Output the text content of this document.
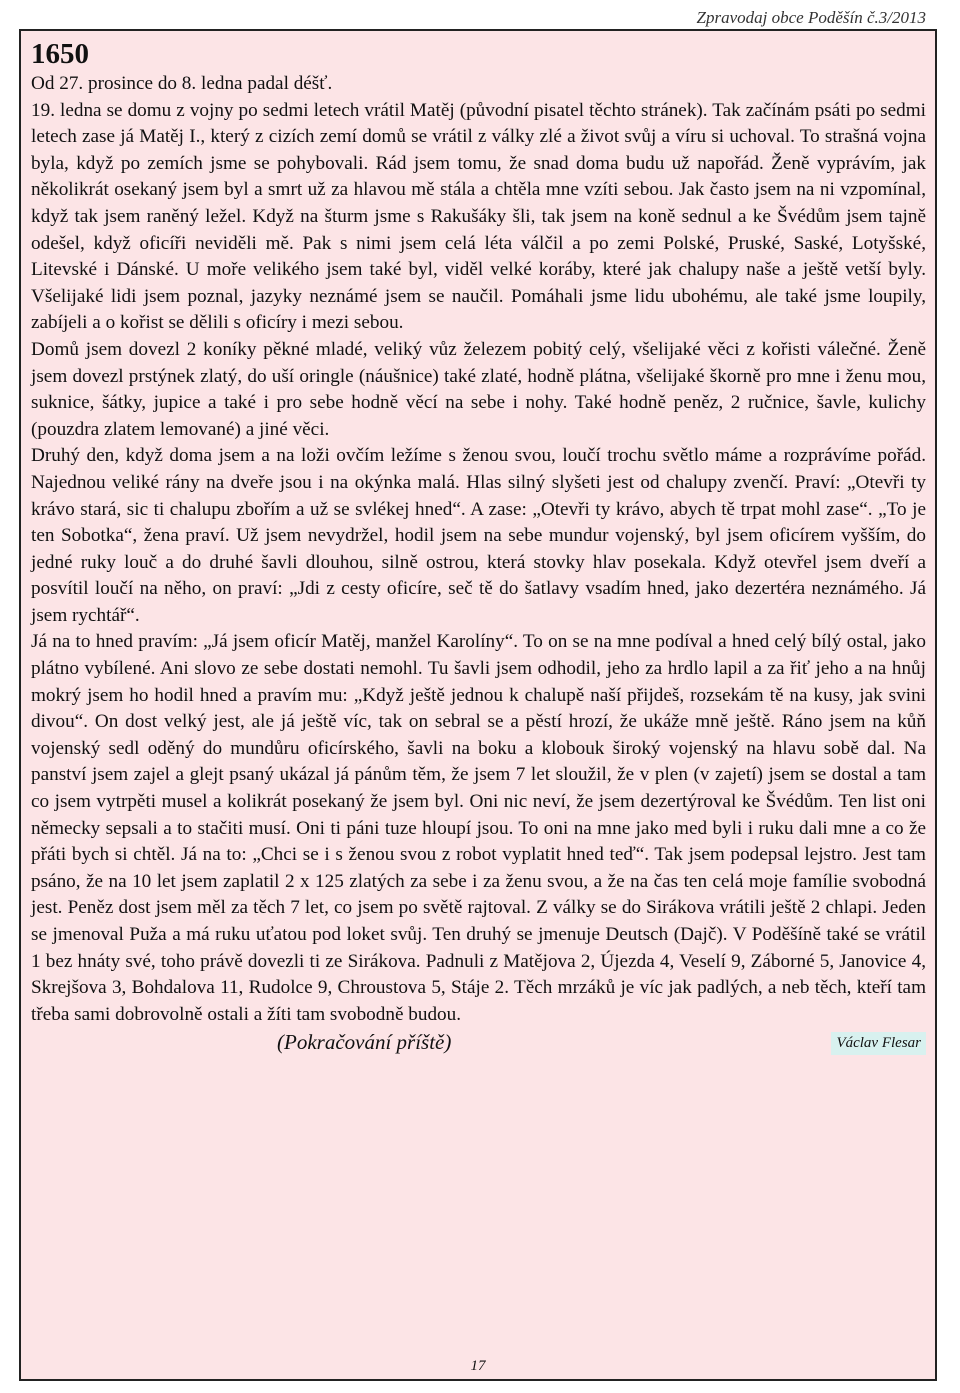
Zpravodaj obce Poděšín č.3/2013

1650

Od 27. prosince do 8. ledna padal déšť.

19. ledna se domu z vojny po sedmi letech vrátil Matěj (původní pisatel těchto stránek). Tak začínám psáti po sedmi letech zase já Matěj I., který z cizích zemí domů se vrátil z války zlé a život svůj a víru si uchoval. To strašná vojna byla, když po zemích jsme se pohybovali. Rád jsem tomu, že snad doma budu už napořád. Ženě vyprávím, jak několikrát osekaný jsem byl a smrt už za hlavou mě stála a chtěla mne vzíti sebou. Jak často jsem na ni vzpomínal, když tak jsem raněný ležel. Když na šturm jsme s Rakušáky šli, tak jsem na koně sednul a ke Švédům jsem tajně odešel, když oficíři neviděli mě. Pak s nimi jsem celá léta válčil a po zemi Polské, Pruské, Saské, Lotyšské, Litevské i Dánské. U moře velikého jsem také byl, viděl velké koráby, které jak chalupy naše a ještě vetší byly. Všelijaké lidi jsem poznal, jazyky neznámé jsem se naučil. Pomáhali jsme lidu ubohému, ale také jsme loupily, zabíjeli a o kořist se dělili s oficíry i mezi sebou.

Domů jsem dovezl 2 koníky pěkné mladé, veliký vůz železem pobitý celý, všelijaké věci z kořisti válečné. Ženě jsem dovezl prstýnek zlatý, do uší oringle (náušnice) také zlaté, hodně plátna, všelijaké škorně pro mne i ženu mou, suknice, šátky, jupice a také i pro sebe hodně věcí na sebe i nohy. Také hodně peněz, 2 ručnice, šavle, kulichy (pouzdra zlatem lemované) a jiné věci.

Druhý den, když doma jsem a na loži ovčím ležíme s ženou svou, loučí trochu světlo máme a rozprávíme pořád. Najednou veliké rány na dveře jsou i na okýnka malá. Hlas silný slyšeti jest od chalupy zvenčí. Praví: „Otevři ty krávo stará, sic ti chalupu zbořím a už se svlékej hned“. A zase: „Otevři ty krávo, abych tě trpat mohl zase“. „To je ten Sobotka“, žena praví. Už jsem nevydržel, hodil jsem na sebe mundur vojenský, byl jsem oficírem vyšším, do jedné ruky louč a do druhé šavli dlouhou, silně ostrou, která stovky hlav posekala. Když otevřel jsem dveří a posvítil loučí na něho, on praví: „Jdi z cesty oficíre, seč tě do šatlavy vsadím hned, jako dezertéra neznámého. Já jsem rychtář“.

Já na to hned pravím: „Já jsem oficír Matěj, manžel Karolíny“. To on se na mne podíval a hned celý bílý ostal, jako plátno vybílené. Ani slovo ze sebe dostati nemohl. Tu šavli jsem odhodil, jeho za hrdlo lapil a za řiť jeho a na hnůj mokrý jsem ho hodil hned a pravím mu: „Když ještě jednou k chalupě naší přijdeš, rozsekám tě na kusy, jak svini divou“. On dost velký jest, ale já ještě víc, tak on sebral se a pěstí hrozí, že ukáže mně ještě. Ráno jsem na kůň vojenský sedl oděný do mundůru oficírského, šavli na boku a klobouk široký vojenský na hlavu sobě dal. Na panství jsem zajel a glejt psaný ukázal já pánům těm, že jsem 7 let sloužil, že v plen (v zajetí) jsem se dostal a tam co jsem vytrpěti musel a kolikrát posekaný že jsem byl. Oni nic neví, že jsem dezertýroval ke Švédům. Ten list oni německy sepsali a to stačiti musí. Oni ti páni tuze hloupí jsou. To oni na mne jako med byli i ruku dali mne a co že přáti bych si chtěl. Já na to: „Chci se i s ženou svou z robot vyplatit hned teď“. Tak jsem podepsal lejstro. Jest tam psáno, že na 10 let jsem zaplatil 2 x 125 zlatých za sebe i za ženu svou, a že na čas ten celá moje famílie svobodná jest. Peněz dost jsem měl za těch 7 let, co jsem po světě rajtoval. Z války se do Sirákova vrátili ještě 2 chlapi. Jeden se jmenoval Puža a má ruku uťatou pod loket svůj. Ten druhý se jmenuje Deutsch (Dajč). V Poděšíně také se vrátil 1 bez hnáty své, toho právě dovezli ti ze Sirákova. Padnuli z Matějova 2, Újezda 4, Veselí 9, Záborné 5, Janovice 4, Skrejšova 3, Bohdalova 11, Rudolce 9, Chroustova 5, Stáje 2. Těch mrzáků je víc jak padlých, a neb těch, kteří tam třeba sami dobrovolně ostali a žíti tam svobodně budou.

(Pokračování příště)	Václav Flesar
17
